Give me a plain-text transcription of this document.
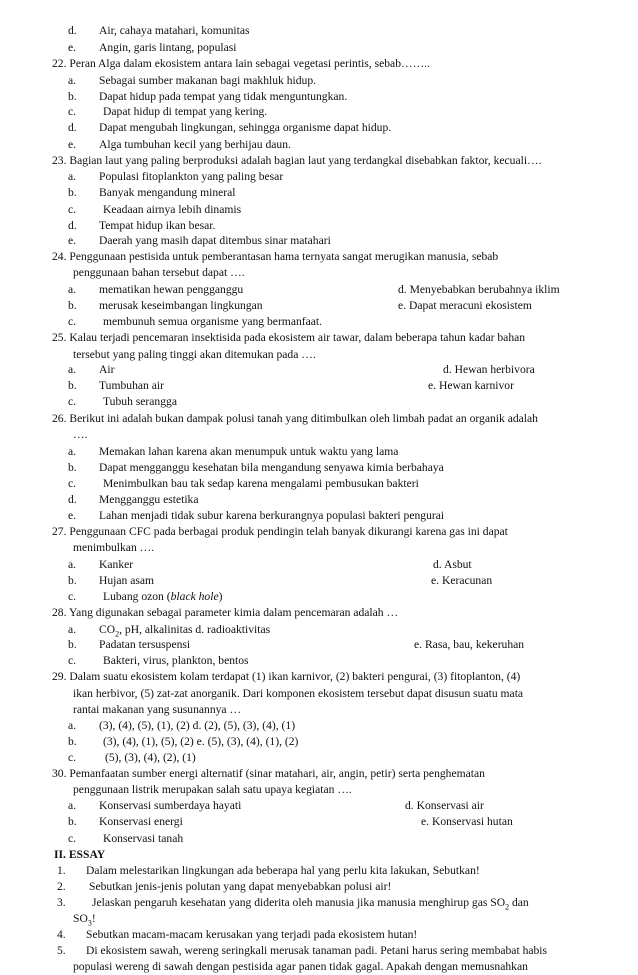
d. Air, cahaya matahari, komunitas
e. Angin, garis lintang, populasi
22. Peran Alga dalam ekosistem antara lain sebagai vegetasi perintis, sebab……..
a. Sebagai sumber makanan bagi makhluk hidup.
b. Dapat hidup pada tempat yang tidak menguntungkan.
c. Dapat hidup di tempat yang kering.
d. Dapat mengubah lingkungan, sehingga organisme dapat hidup.
e. Alga tumbuhan kecil yang berhijau daun.
23. Bagian laut yang paling berproduksi adalah bagian laut yang terdangkal disebabkan faktor, kecuali….
a. Populasi fitoplankton yang paling besar
b. Banyak mengandung mineral
c. Keadaan airnya lebih dinamis
d. Tempat hidup ikan besar.
e. Daerah yang masih dapat ditembus sinar matahari
24. Penggunaan pestisida untuk pemberantasan hama ternyata sangat merugikan manusia, sebab
penggunaan bahan tersebut dapat ….
a. mematikan hewan pengganggu	d. Menyebabkan berubahnya iklim
b. merusak keseimbangan lingkungan	e. Dapat meracuni ekosistem
c. membunuh semua organisme yang bermanfaat.
25. Kalau terjadi pencemaran insektisida pada ekosistem air tawar, dalam beberapa tahun kadar bahan
tersebut yang paling tinggi akan ditemukan pada ….
a. Air	d. Hewan herbivora
b. Tumbuhan air	e. Hewan karnivor
c. Tubuh serangga
26. Berikut ini adalah bukan dampak polusi tanah yang ditimbulkan oleh limbah padat an organik adalah
….
a. Memakan lahan karena akan menumpuk untuk waktu yang lama
b. Dapat mengganggu kesehatan bila mengandung senyawa kimia berbahaya
c. Menimbulkan bau tak sedap karena mengalami pembusukan bakteri
d. Mengganggu estetika
e. Lahan menjadi tidak subur karena berkurangnya populasi bakteri pengurai
27. Penggunaan CFC pada berbagai produk pendingin telah banyak dikurangi karena gas ini dapat
menimbulkan ….
a. Kanker	d. Asbut
b. Hujan asam	e. Keracunan
c. Lubang ozon (black hole)
28. Yang digunakan sebagai parameter kimia dalam pencemaran adalah …
a. $CO_2$, pH, alkalinitas d. radioaktivitas
b. Padatan tersuspensi	e. Rasa, bau, kekeruhan
c. Bakteri, virus, plankton, bentos
29. Dalam suatu ekosistem kolam terdapat (1) ikan karnivor, (2) bakteri pengurai, (3) fitoplanton, (4)
ikan herbivor, (5) zat-zat anorganik. Dari komponen ekosistem tersebut dapat disusun suatu mata
rantai makanan yang susunannya …
a. (3), (4), (5), (1), (2) d. (2), (5), (3), (4), (1)
b. (3), (4), (1), (5), (2) e. (5), (3), (4), (1), (2)
c. (5), (3), (4), (2), (1)
30. Pemanfaatan sumber energi alternatif (sinar matahari, air, angin, petir) serta penghematan
penggunaan listrik merupakan salah satu upaya kegiatan ….
a. Konservasi sumberdaya hayati	d. Konservasi air
b. Konservasi energi	e. Konservasi hutan
c. Konservasi tanah
II. ESSAY
1. Dalam melestarikan lingkungan ada beberapa hal yang perlu kita lakukan, Sebutkan!
2. Sebutkan jenis-jenis polutan yang dapat menyebabkan polusi air!
3. Jelaskan pengaruh kesehatan yang diderita oleh manusia jika manusia menghirup gas $SO_2$ dan
$SO_3$!
4. Sebutkan macam-macam kerusakan yang terjadi pada ekosistem hutan!
5. Di ekosistem sawah, wereng seringkali merusak tanaman padi. Petani harus sering membabat habis
populasi wereng di sawah dengan pestisida agar panen tidak gagal. Apakah dengan memusnahkan
